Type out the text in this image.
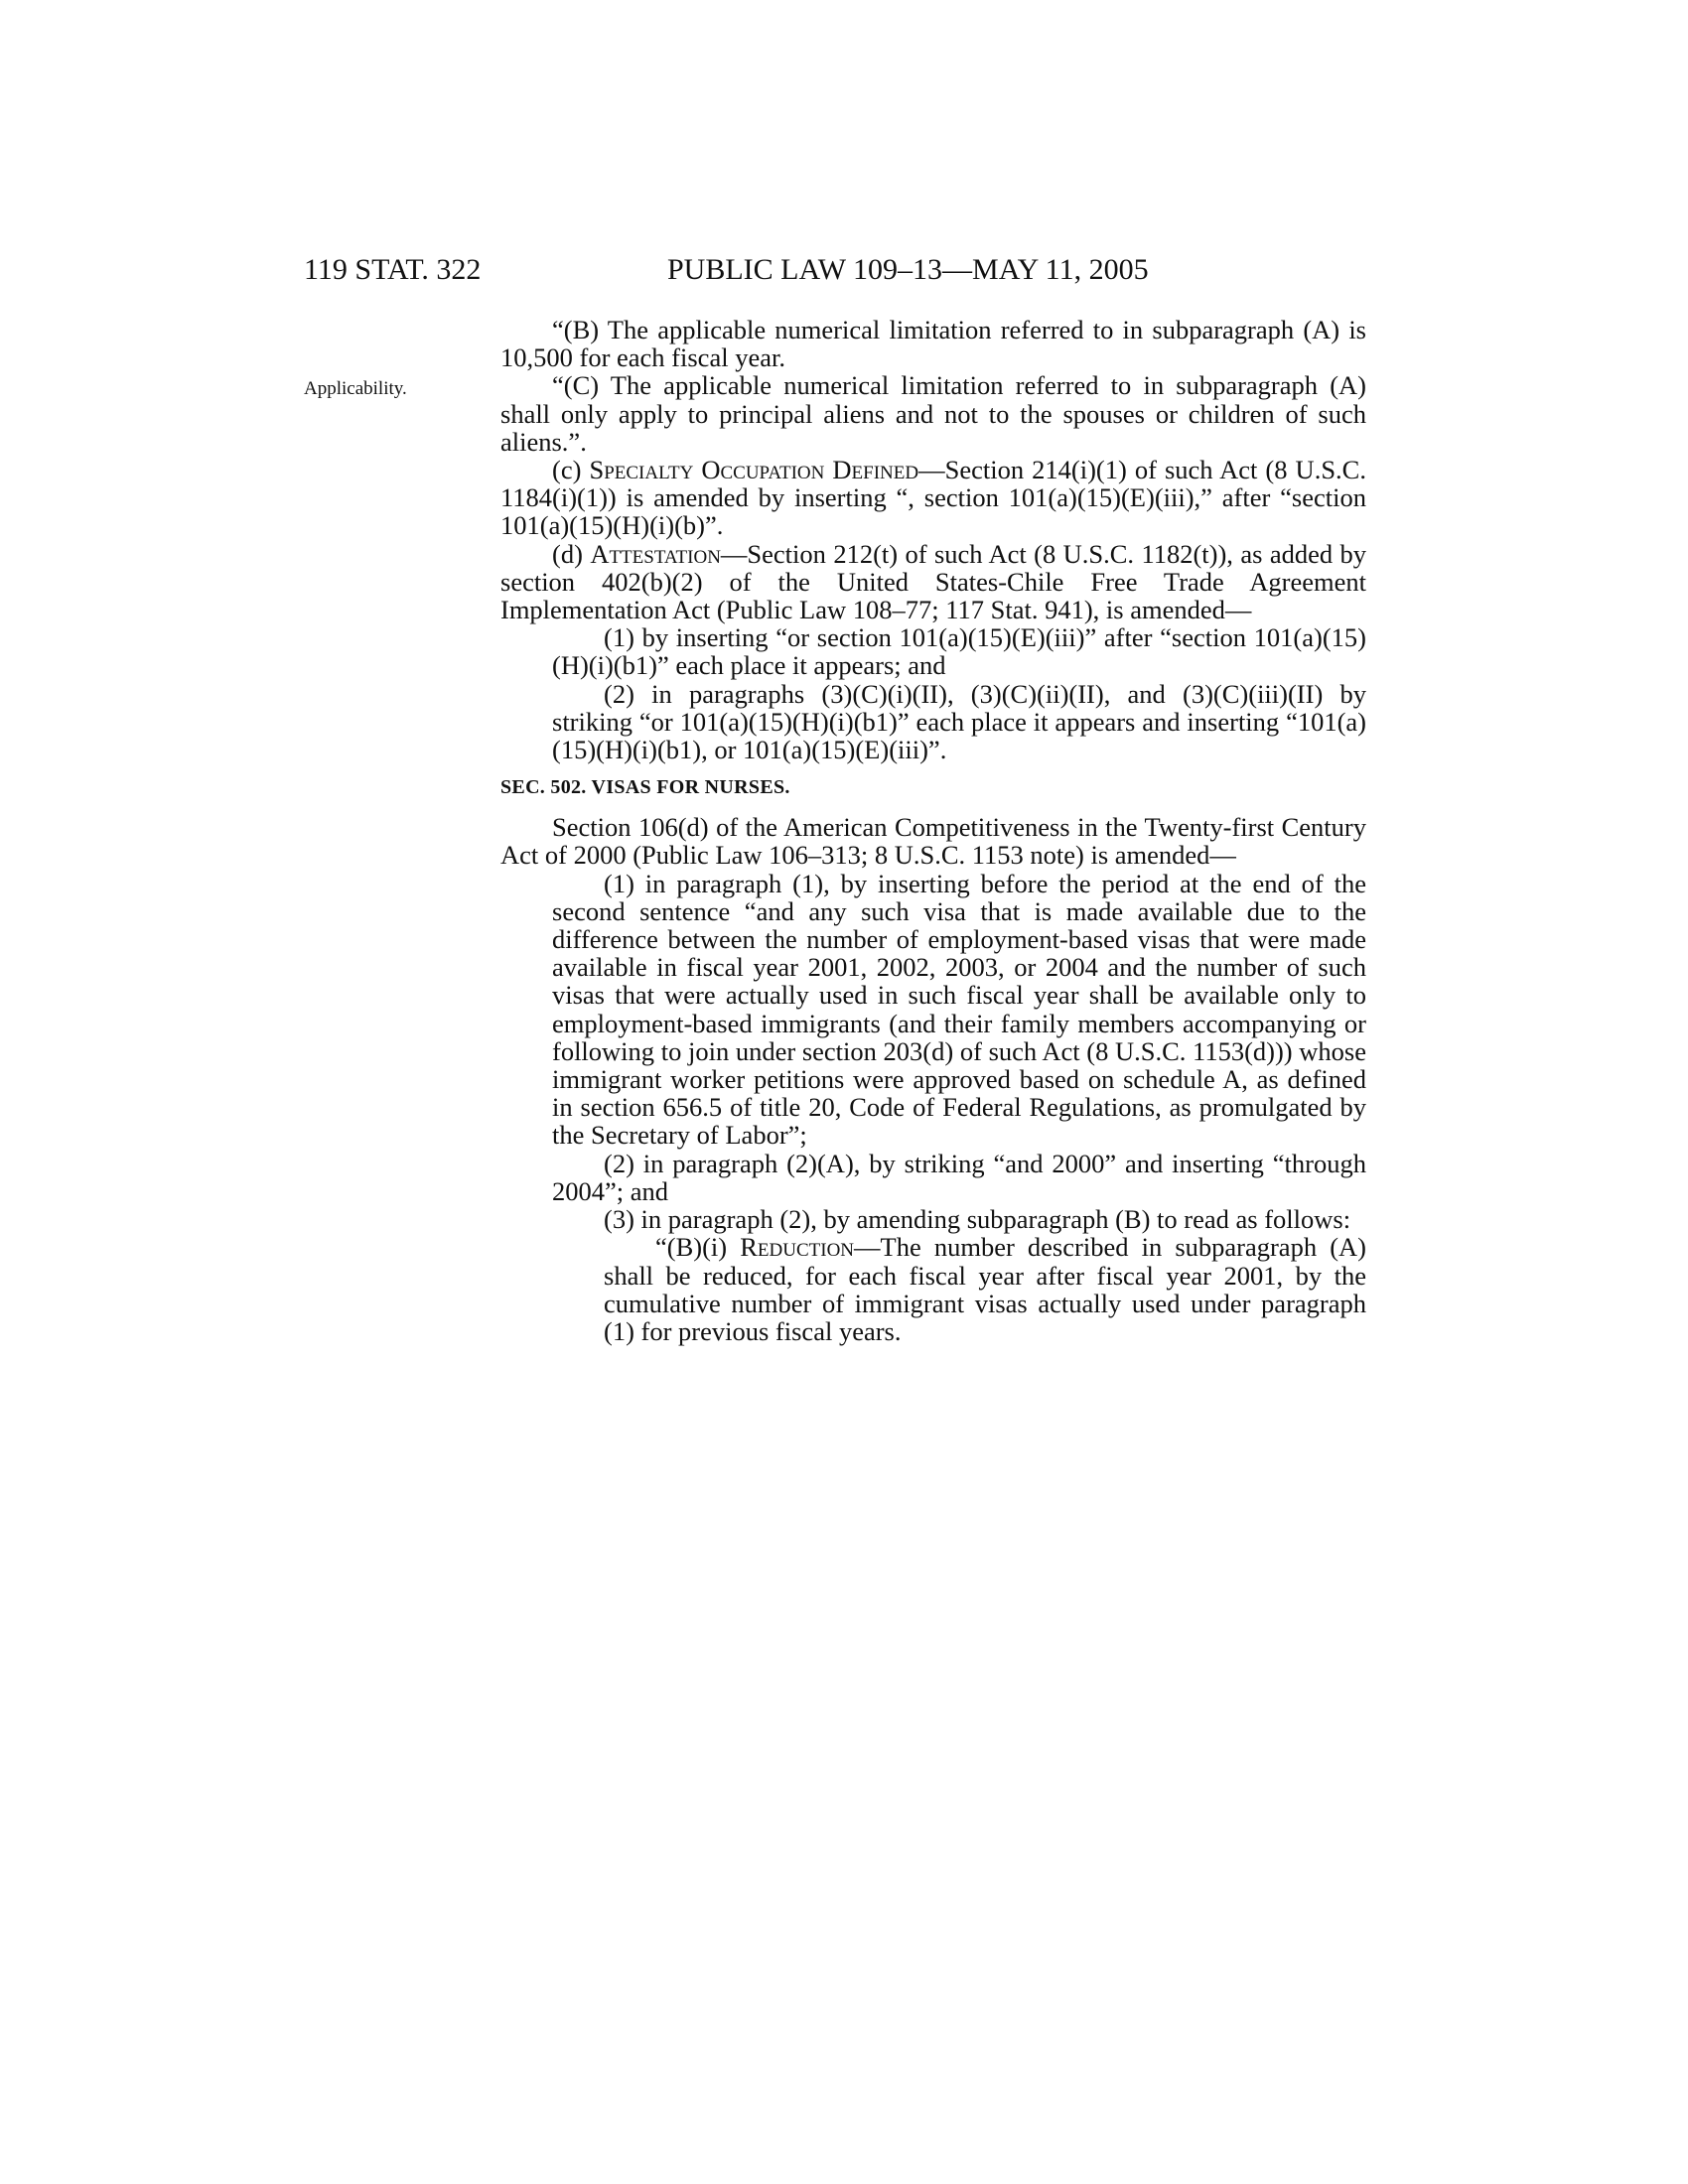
119 STAT. 322	PUBLIC LAW 109–13—MAY 11, 2005
Applicability.

“(B) The applicable numerical limitation referred to in subparagraph (A) is 10,500 for each fiscal year.

“(C) The applicable numerical limitation referred to in subparagraph (A) shall only apply to principal aliens and not to the spouses or children of such aliens.”.

(c) Specialty Occupation Defined—Section 214(i)(1) of such Act (8 U.S.C. 1184(i)(1)) is amended by inserting “, section 101(a)(15)(E)(iii),” after “section 101(a)(15)(H)(i)(b)”.

(d) Attestation—Section 212(t) of such Act (8 U.S.C. 1182(t)), as added by section 402(b)(2) of the United States-Chile Free Trade Agreement Implementation Act (Public Law 108–77; 117 Stat. 941), is amended—

(1) by inserting “or section 101(a)(15)(E)(iii)” after “section 101(a)(15)(H)(i)(b1)” each place it appears; and

(2) in paragraphs (3)(C)(i)(II), (3)(C)(ii)(II), and (3)(C)(iii)(II) by striking “or 101(a)(15)(H)(i)(b1)” each place it appears and inserting “101(a)(15)(H)(i)(b1), or 101(a)(15)(E)(iii)”.

SEC. 502. VISAS FOR NURSES.

Section 106(d) of the American Competitiveness in the Twenty-first Century Act of 2000 (Public Law 106–313; 8 U.S.C. 1153 note) is amended—

(1) in paragraph (1), by inserting before the period at the end of the second sentence “and any such visa that is made available due to the difference between the number of employment-based visas that were made available in fiscal year 2001, 2002, 2003, or 2004 and the number of such visas that were actually used in such fiscal year shall be available only to employment-based immigrants (and their family members accompanying or following to join under section 203(d) of such Act (8 U.S.C. 1153(d))) whose immigrant worker petitions were approved based on schedule A, as defined in section 656.5 of title 20, Code of Federal Regulations, as promulgated by the Secretary of Labor”;

(2) in paragraph (2)(A), by striking “and 2000” and inserting “through 2004”; and

(3) in paragraph (2), by amending subparagraph (B) to read as follows:

“(B)(i) Reduction—The number described in subparagraph (A) shall be reduced, for each fiscal year after fiscal year 2001, by the cumulative number of immigrant visas actually used under paragraph (1) for previous fiscal years.
